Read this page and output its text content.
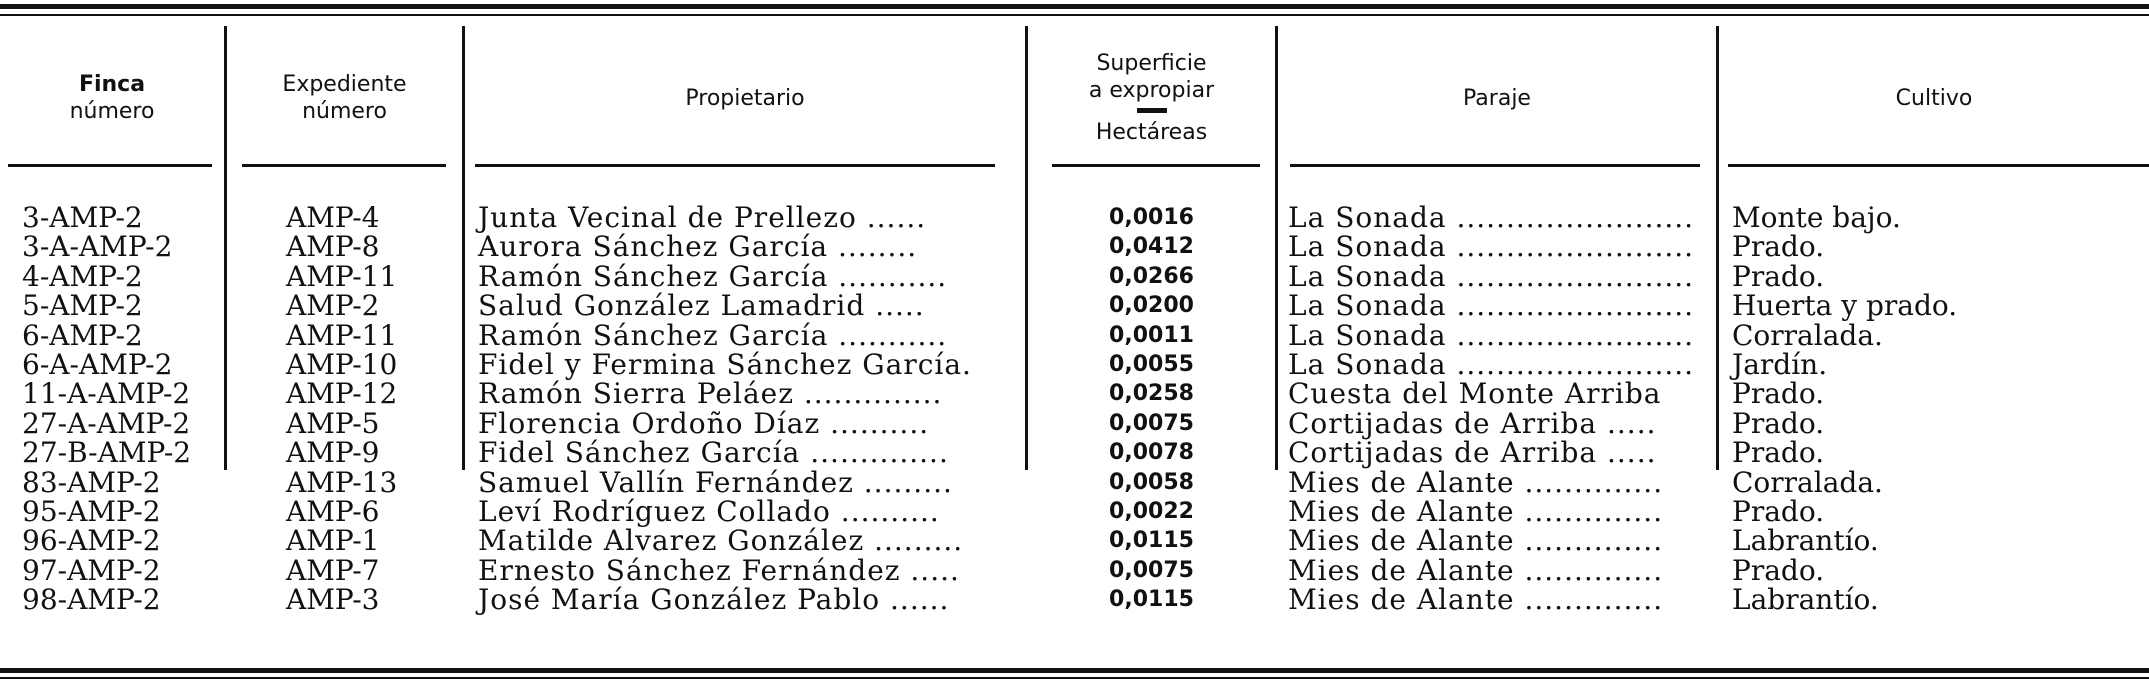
Finca
número
Expediente
número
Propietario
Superficie
a expropiar
Hectáreas
Paraje	Cultivo
3-AMP-2
3-A-AMP-2
4-AMP-2
5-AMP-2
6-AMP-2
6-A-AMP-2
11-A-AMP-2
27-A-AMP-2
27-B-AMP-2
83-AMP-2
95-AMP-2
96-AMP-2
97-AMP-2
98-AMP-2
AMP-4
AMP-8
AMP-11
AMP-2
AMP-11
AMP-10
AMP-12
AMP-5
AMP-9
AMP-13
AMP-6
AMP-1
AMP-7
AMP-3
Junta Vecinal de Prellezo ......
Aurora Sánchez García ........
Ramón Sánchez García ...........
Salud González Lamadrid .....
Ramón Sánchez García ...........
Fidel y Fermina Sánchez García.
Ramón Sierra Peláez ..............
Florencia Ordoño Díaz ..........
Fidel Sánchez García ..............
Samuel Vallín Fernández .........
Leví Rodríguez Collado ..........
Matilde Alvarez González .........
Ernesto Sánchez Fernández .....
José María González Pablo ......
0,0016
0,0412
0,0266
0,0200
0,0011
0,0055
0,0258
0,0075
0,0078
0,0058
0,0022
0,0115
0,0075
0,0115
La Sonada ........................
La Sonada ........................
La Sonada ........................
La Sonada ........................
La Sonada ........................
La Sonada ........................
Cuesta del Monte Arriba
Cortijadas de Arriba .....
Cortijadas de Arriba .....
Mies de Alante ..............
Mies de Alante ..............
Mies de Alante ..............
Mies de Alante ..............
Mies de Alante ..............
Monte bajo.
Prado.
Prado.
Huerta y prado.
Corralada.
Jardín.
Prado.
Prado.
Prado.
Corralada.
Prado.
Labrantío.
Prado.
Labrantío.
